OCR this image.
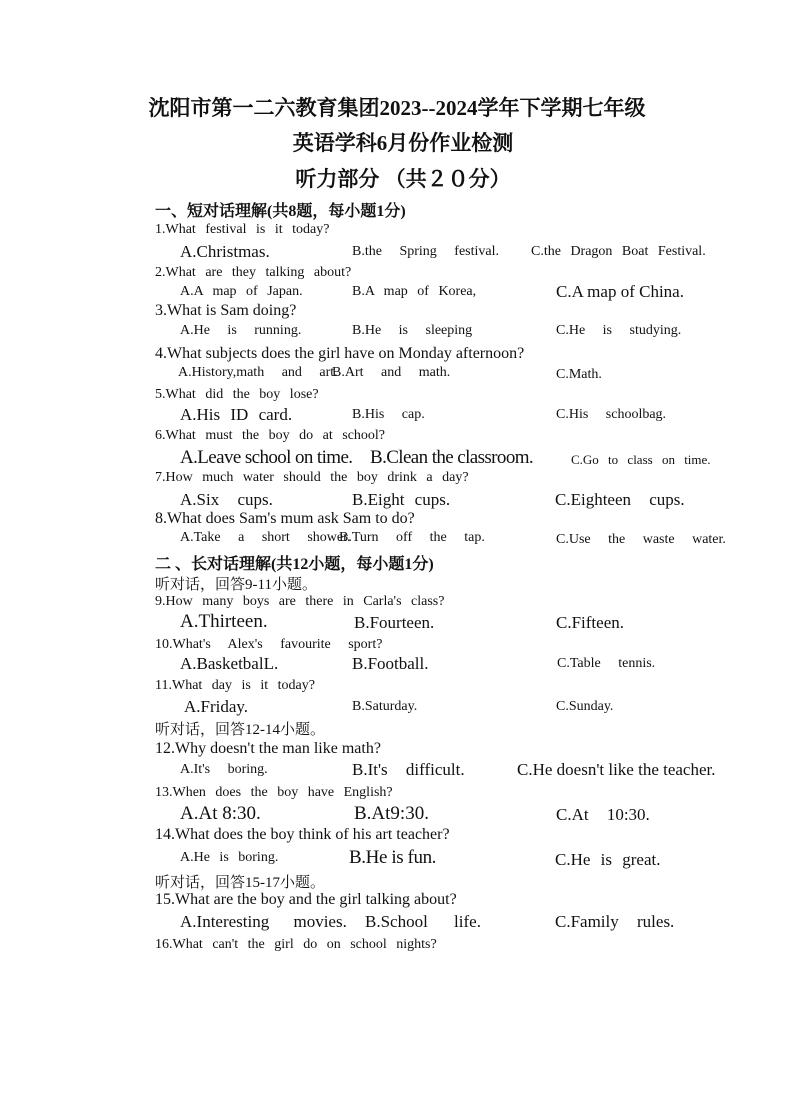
沈阳市第一二六教育集团2023--2024学年下学期七年级
英语学科6月份作业检测
听力部分 （共２０分）
一、短对话理解(共8题，每小题1分)
1.What festival is it today?
A.Christmas.	B.the Spring festival. C.the Dragon Boat Festival.
2.What are they talking about?
A.A map of Japan.	B.A map of Korea,	C.A map of China.
3.What is Sam doing?
A.He is running.	B.He is sleeping	C.He is studying.
4.What subjects does the girl have on Monday afternoon?
A.History,math and art.
B.Art and math.	C.Math.
5.What did the boy lose?
A.His ID card.	B.His cap.	C.His schoolbag.
6.What must the boy do at school?
A.Leave school on time. B.Clean the classroom.	C.Go to class on time.
7.How much water should the boy drink a day?
A.Six cups.	B.Eight cups.	C.Eighteen cups.
8.What does Sam's mum ask Sam to do?
A.Take a short shower.
B.Turn off the tap.	C.Use the waste water.
二 、长对话理解(共12小题，每小题1分)
听对话，回答9-11小题。
9.How many boys are there in Carla's class?
A.Thirteen.	B.Fourteen.	C.Fifteen.
10.What's Alex's favourite sport?
A.BasketbalL.	B.Football.	C.Table tennis.
11.What day is it today?
A.Friday.	B.Saturday.	C.Sunday.
听对话，回答12-14小题。
12.Why doesn't the man like math?
A.It's boring.	B.It's difficult.	C.He doesn't like the teacher.
13.When does the boy have English?
A.At 8:30.	B.At9:30.	C.At 10:30.
14.What does the boy think of his art teacher?
A.He is boring.	B.He is fun.	C.He is great.
听对话，回答15-17小题。
15.What are the boy and the girl talking about?
A.Interesting movies. B.School life.	C.Family rules.
16.What can't the girl do on school nights?
